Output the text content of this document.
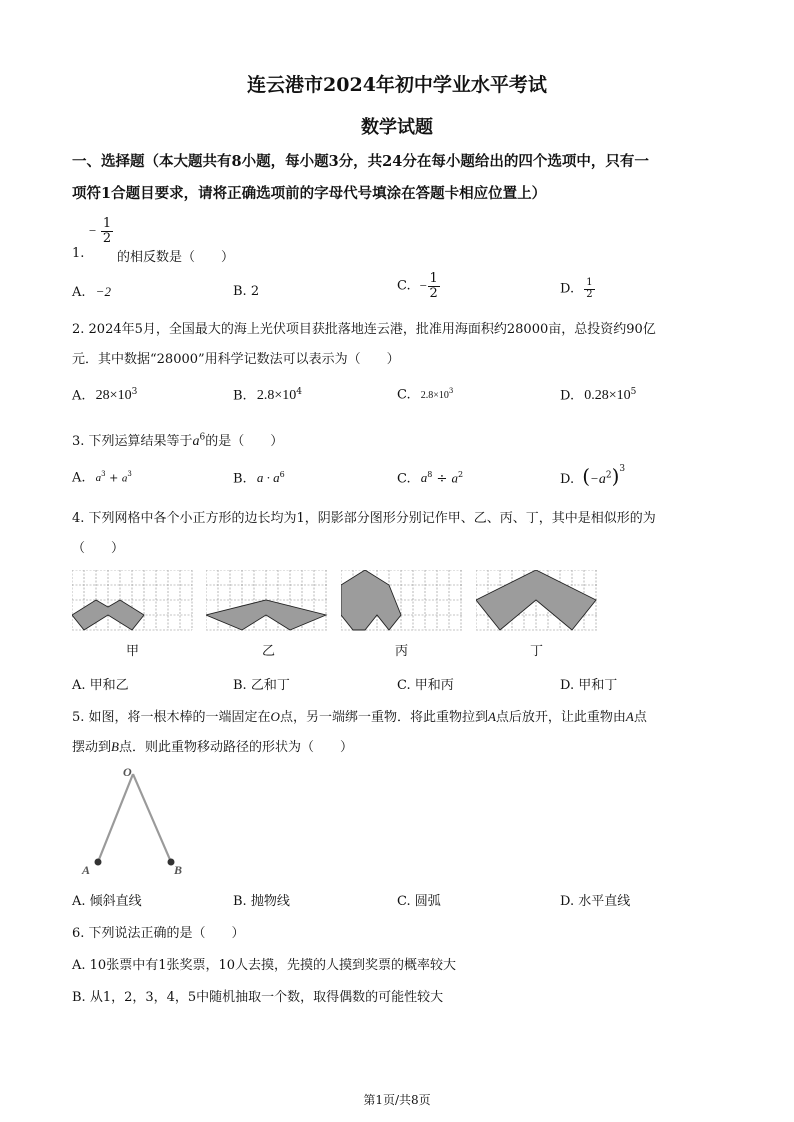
连云港市2024年初中学业水平考试
数学试题
一、选择题（本大题共有8小题，每小题3分，共24分在每小题给出的四个选项中，只有一
项符1合题目要求，请将正确选项前的字母代号填涂在答题卡相应位置上）
1.
− $\frac{1}{2}$
的相反数是（　　）
A. −2	B. 2	C. − $\frac{1}{2}$	D. $\frac{1}{2}$
2. 2024年5月，全国最大的海上光伏项目获批落地连云港，批准用海面积约28000亩，总投资约90亿
元．其中数据“28000”用科学记数法可以表示为（　　）
A. $28\times 10^3$	B. $2.8\times 10^4$	C. $2.8\times 10^3$	D. $0.28\times 10^5$
3. 下列运算结果等于$a^6$的是（　　）
A. $a^3 + a^3$	B. $a \cdot a^6$	C. $a^8 \div a^2$	D. $(-a^2)^3$
4. 下列网格中各个小正方形的边长均为1，阴影部分图形分别记作甲、乙、丙、丁，其中是相似形的为
（　　）
甲	乙	丙	丁
A. 甲和乙	B. 乙和丁	C. 甲和丙	D. 甲和丁
5. 如图，将一根木棒的一端固定在O点，另一端绑一重物．将此重物拉到A点后放开，让此重物由A点
摆动到B点．则此重物移动路径的形状为（　　）
O
A	B
A. 倾斜直线	B. 抛物线	C. 圆弧	D. 水平直线
6. 下列说法正确的是（　　）
A. 10张票中有1张奖票，10人去摸，先摸的人摸到奖票的概率较大
B. 从1，2，3，4，5中随机抽取一个数，取得偶数的可能性较大
第1页/共8页
